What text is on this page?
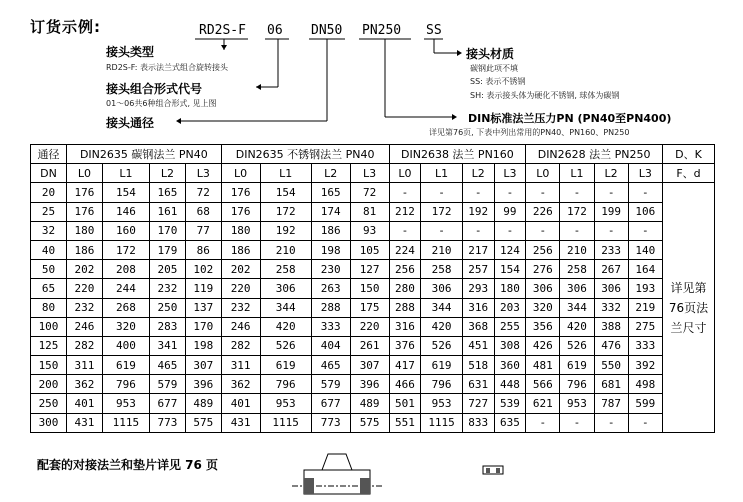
订货示例:	RD2S-F 06 DN50 PN250 SS
接头类型
RD2S-F: 表示法兰式组合旋转接头
接头组合形式代号
01～06共6种组合形式, 见上图
接头通径
接头材质
碳钢此项不填
SS: 表示不锈钢
SH: 表示接头体为硬化不锈钢, 球体为碳钢
DIN标准法兰压力PN (PN40至PN400)
详见第76页, 下表中列出常用的PN40、PN160、PN250
通径	DIN2635 碳钢法兰 PN40				DIN2635 不锈钢法兰 PN40				DIN2638 法兰 PN160				DIN2628 法兰 PN250				D、K
DN	L0	L1	L2	L3	L0	L1	L2	L3	L0	L1	L2	L3	L0	L1	L2	L3	F、d
20	176	154	165	72	176	154	165	72	-	-	-	-	-	-	-	-	详见第76页法兰尺寸

25	176	146	161	68	176	172	174	81	212	172	192	99	226	172	199	106	
32	180	160	170	77	180	192	186	93	-	-	-	-	-	-	-	-	
40	186	172	179	86	186	210	198	105	224	210	217	124	256	210	233	140	
50	202	208	205	102	202	258	230	127	256	258	257	154	276	258	267	164	
65	220	244	232	119	220	306	263	150	280	306	293	180	306	306	306	193	
80	232	268	250	137	232	344	288	175	288	344	316	203	320	344	332	219	
100	246	320	283	170	246	420	333	220	316	420	368	255	356	420	388	275	
125	282	400	341	198	282	526	404	261	376	526	451	308	426	526	476	333	
150	311	619	465	307	311	619	465	307	417	619	518	360	481	619	550	392	
200	362	796	579	396	362	796	579	396	466	796	631	448	566	796	681	498	
250	401	953	677	489	401	953	677	489	501	953	727	539	621	953	787	599	
300	431	1115	773	575	431	1115	773	575	551	1115	833	635	-	-	-	-	
配套的对接法兰和垫片详见 76 页
